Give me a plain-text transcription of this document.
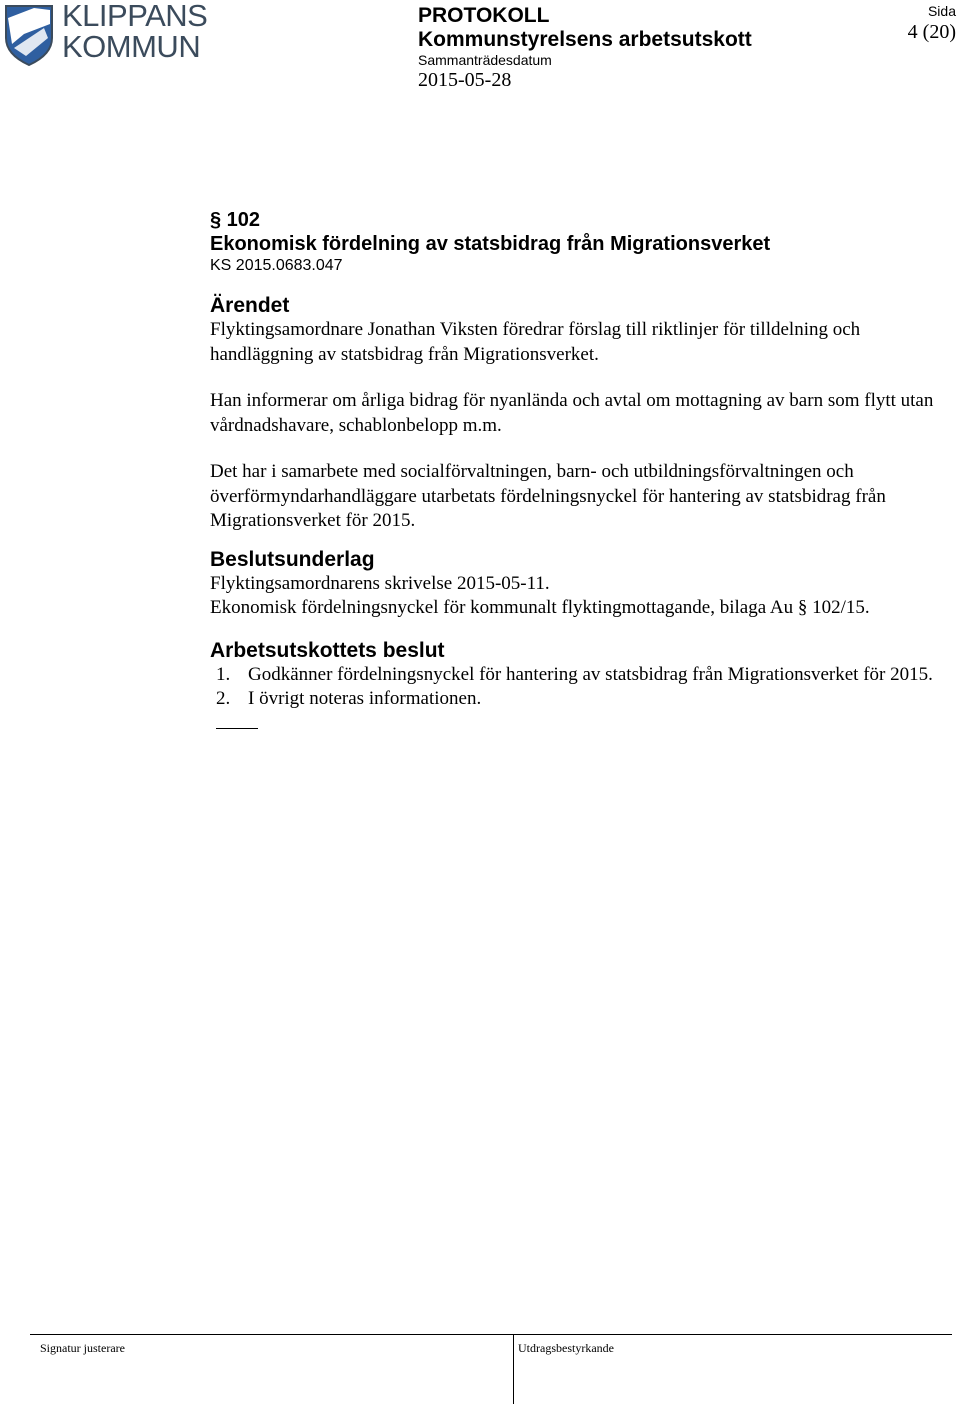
KLIPPANS
KOMMUN
PROTOKOLL
Kommunstyrelsens arbetsutskott
Sammanträdesdatum
2015-05-28
Sida
4 (20)

§ 102

Ekonomisk fördelning av statsbidrag från Migrationsverket

KS 2015.0683.047

Ärendet

Flyktingsamordnare Jonathan Viksten föredrar förslag till riktlinjer för tilldelning och handläggning av statsbidrag från Migrationsverket.

Han informerar om årliga bidrag för nyanlända och avtal om mottagning av barn som flytt utan vårdnadshavare, schablonbelopp m.m.

Det har i samarbete med socialförvaltningen, barn- och utbildningsförvaltningen och överförmyndarhandläggare utarbetats fördelningsnyckel för hantering av statsbidrag från Migrationsverket för 2015.

Beslutsunderlag

Flyktingsamordnarens skrivelse 2015-05-11.

Ekonomisk fördelningsnyckel för kommunalt flyktingmottagande, bilaga Au § 102/15.

Arbetsutskottets beslut
1. Godkänner fördelningsnyckel för hantering av statsbidrag från Migrationsverket för 2015.
2. I övrigt noteras informationen.
Signatur justerare	Utdragsbestyrkande
